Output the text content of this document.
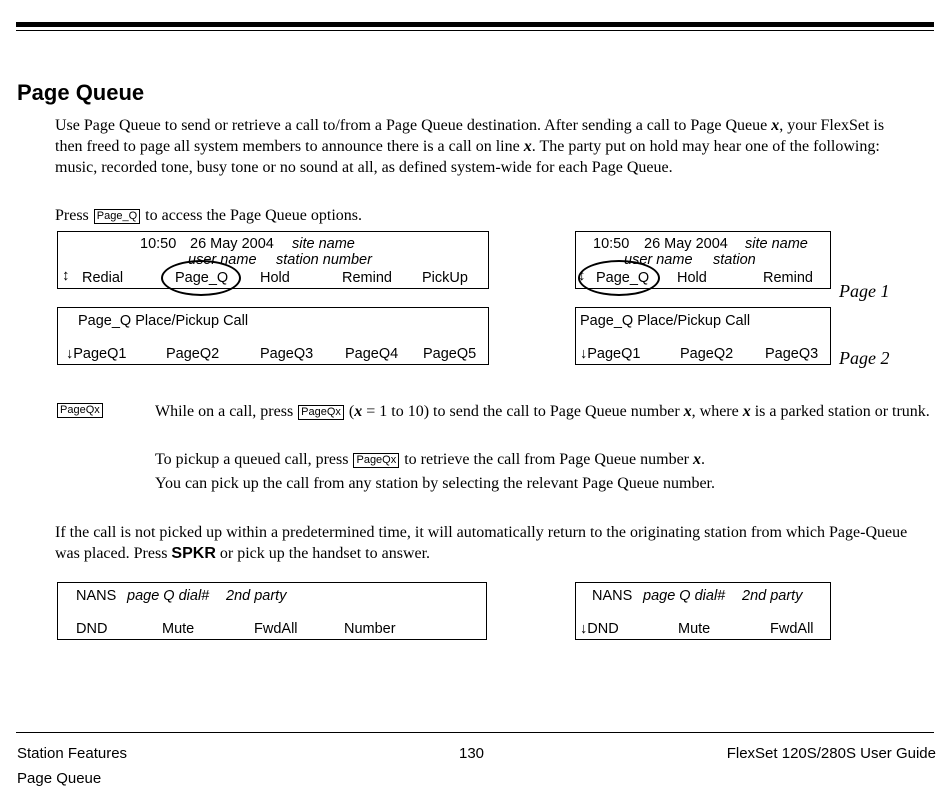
Page Queue

Use Page Queue to send or retrieve a call to/from a Page Queue destination. After sending a call to Page Queue x, your FlexSet is then freed to page all system members to announce there is a call on line x. The party put on hold may hear one of the following: music, recorded tone, busy tone or no sound at all, as defined system-wide for each Page Queue.

Press Page_Q to access the Page Queue options.

10:50 26 May 2004 site name
user name station number
↕ Redial	Page_Q Hold	Remind PickUp
10:50 26 May 2004 site name
user name station
↕ Page_Q Hold	Remind
Page 1
Page_Q Place/Pickup Call
↓PageQ1	PageQ2	PageQ3 PageQ4 PageQ5
Page_Q Place/Pickup Call
↓PageQ1	PageQ2 PageQ3 Page 2
PageQx	While on a call, press PageQx (x = 1 to 10) to send the call to Page Queue number x, where x is a parked station or trunk.

To pickup a queued call, press PageQx to retrieve the call from Page Queue number x.

You can pick up the call from any station by selecting the relevant Page Queue number.

If the call is not picked up within a predetermined time, it will automatically return to the originating station from which Page-Queue was placed. Press SPKR or pick up the handset to answer.

NANS page Q dial# 2nd party
DND	Mute	FwdAll	Number
NANS page Q dial# 2nd party
↓DND	Mute	FwdAll
Station Features
Page Queue
130	FlexSet 120S/280S User Guide
